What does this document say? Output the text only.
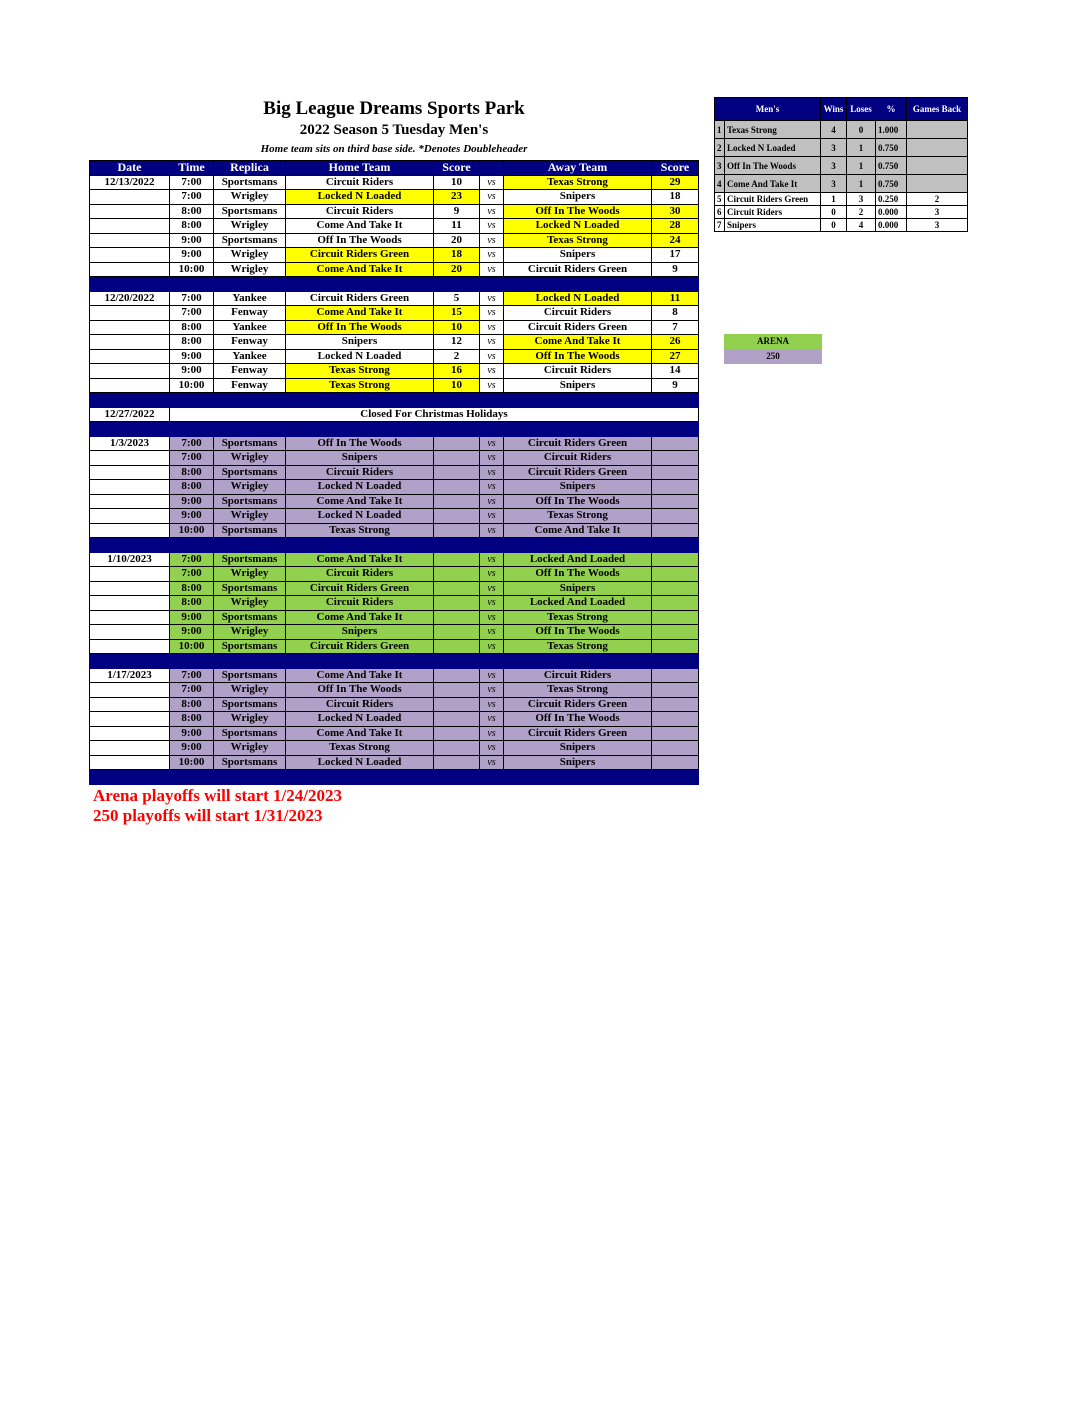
Big League Dreams Sports Park
2022 Season 5 Tuesday Men's
Home team sits on third base side. *Denotes Doubleheader
Date	Time	Replica	Home Team	Score		Away Team	Score
12/13/2022	7:00	Sportsmans	Circuit Riders	10	vs	Texas Strong	29
	7:00	Wrigley	Locked N Loaded	23	vs	Snipers	18
	8:00	Sportsmans	Circuit Riders	9	vs	Off In The Woods	30
	8:00	Wrigley	Come And Take It	11	vs	Locked N Loaded	28
	9:00	Sportsmans	Off In The Woods	20	vs	Texas Strong	24
	9:00	Wrigley	Circuit Riders Green	18	vs	Snipers	17
	10:00	Wrigley	Come And Take It	20	vs	Circuit Riders Green	9

12/20/2022	7:00	Yankee	Circuit Riders Green	5	vs	Locked N Loaded	11
	7:00	Fenway	Come And Take It	15	vs	Circuit Riders	8
	8:00	Yankee	Off In The Woods	10	vs	Circuit Riders Green	7
	8:00	Fenway	Snipers	12	vs	Come And Take It	26
	9:00	Yankee	Locked N Loaded	2	vs	Off In The Woods	27
	9:00	Fenway	Texas Strong	16	vs	Circuit Riders	14
	10:00	Fenway	Texas Strong	10	vs	Snipers	9

12/27/2022	Closed For Christmas Holidays						

1/3/2023	7:00	Sportsmans	Off In The Woods		vs	Circuit Riders Green	
	7:00	Wrigley	Snipers		vs	Circuit Riders	
	8:00	Sportsmans	Circuit Riders		vs	Circuit Riders Green	
	8:00	Wrigley	Locked N Loaded		vs	Snipers	
	9:00	Sportsmans	Come And Take It		vs	Off In The Woods	
	9:00	Wrigley	Locked N Loaded		vs	Texas Strong	
	10:00	Sportsmans	Texas Strong		vs	Come And Take It	

1/10/2023	7:00	Sportsmans	Come And Take It		vs	Locked And Loaded	
	7:00	Wrigley	Circuit Riders		vs	Off In The Woods	
	8:00	Sportsmans	Circuit Riders Green		vs	Snipers	
	8:00	Wrigley	Circuit Riders		vs	Locked And Loaded	
	9:00	Sportsmans	Come And Take It		vs	Texas Strong	
	9:00	Wrigley	Snipers		vs	Off In The Woods	
	10:00	Sportsmans	Circuit Riders Green		vs	Texas Strong	

1/17/2023	7:00	Sportsmans	Come And Take It		vs	Circuit Riders	
	7:00	Wrigley	Off In The Woods		vs	Texas Strong	
	8:00	Sportsmans	Circuit Riders		vs	Circuit Riders Green	
	8:00	Wrigley	Locked N Loaded		vs	Off In The Woods	
	9:00	Sportsmans	Come And Take It		vs	Circuit Riders Green	
	9:00	Wrigley	Texas Strong		vs	Snipers	
	10:00	Sportsmans	Locked N Loaded		vs	Snipers	

Men's		Wins	Loses	%	Games Back
1	Texas Strong	4	0	1.000	
2	Locked N Loaded	3	1	0.750	
3	Off In The Woods	3	1	0.750	
4	Come And Take It	3	1	0.750	
5	Circuit Riders Green	1	3	0.250	2
6	Circuit Riders	0	2	0.000	3
7	Snipers	0	4	0.000	3
ARENA
250
Arena playoffs will start 1/24/2023
250 playoffs will start 1/31/2023
